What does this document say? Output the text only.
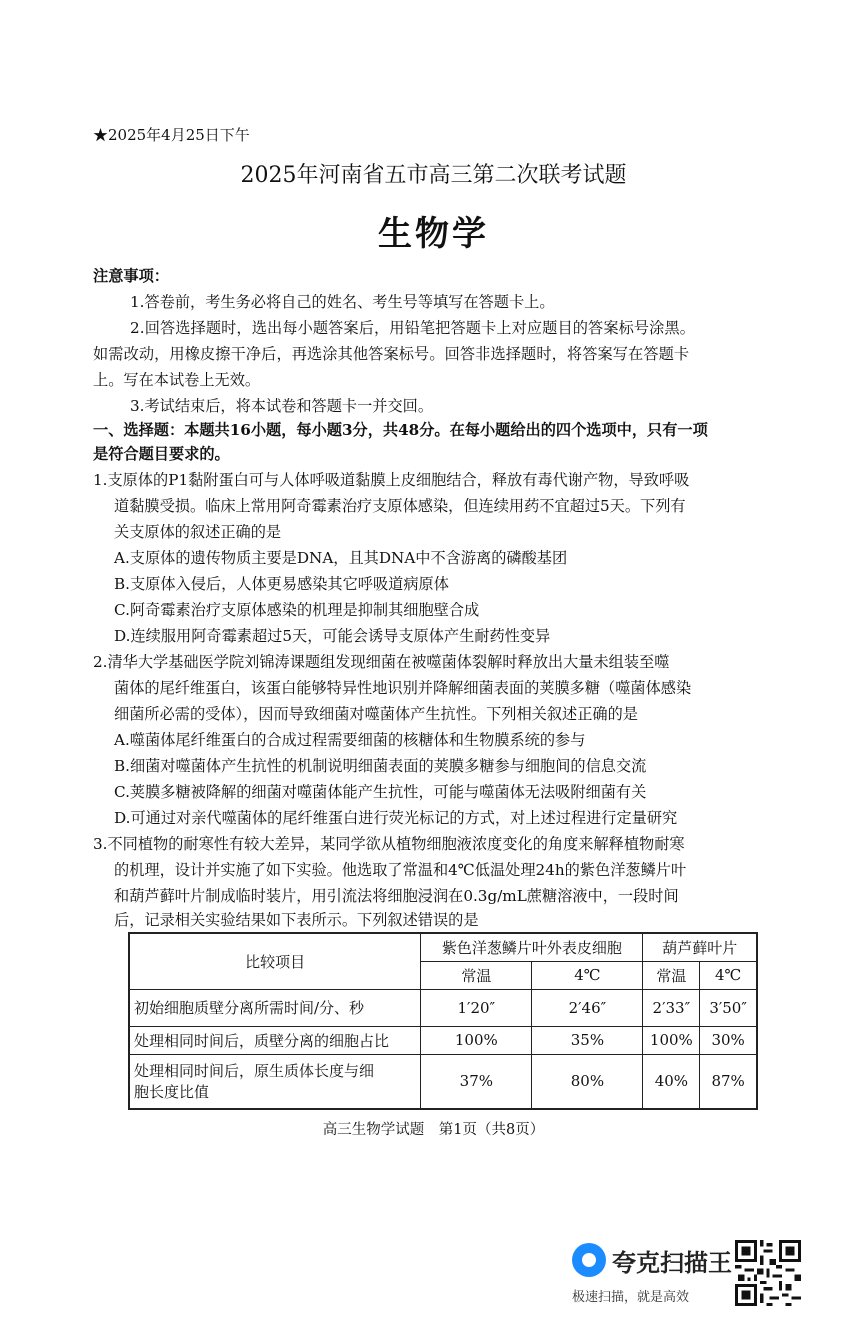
★2025年4月25日下午
2025年河南省五市高三第二次联考试题
生物学
注意事项：
1.答卷前，考生务必将自己的姓名、考生号等填写在答题卡上。
2.回答选择题时，选出每小题答案后，用铅笔把答题卡上对应题目的答案标号涂黑。
如需改动，用橡皮擦干净后，再选涂其他答案标号。回答非选择题时，将答案写在答题卡
上。写在本试卷上无效。
3.考试结束后，将本试卷和答题卡一并交回。
一、选择题：本题共16小题，每小题3分，共48分。在每小题给出的四个选项中，只有一项
是符合题目要求的。
1.支原体的P1黏附蛋白可与人体呼吸道黏膜上皮细胞结合，释放有毒代谢产物，导致呼吸
道黏膜受损。临床上常用阿奇霉素治疗支原体感染，但连续用药不宜超过5天。下列有
关支原体的叙述正确的是
A.支原体的遗传物质主要是DNA，且其DNA中不含游离的磷酸基团
B.支原体入侵后，人体更易感染其它呼吸道病原体
C.阿奇霉素治疗支原体感染的机理是抑制其细胞壁合成
D.连续服用阿奇霉素超过5天，可能会诱导支原体产生耐药性变异
2.清华大学基础医学院刘锦涛课题组发现细菌在被噬菌体裂解时释放出大量未组装至噬
菌体的尾纤维蛋白，该蛋白能够特异性地识别并降解细菌表面的荚膜多糖（噬菌体感染
细菌所必需的受体），因而导致细菌对噬菌体产生抗性。下列相关叙述正确的是
A.噬菌体尾纤维蛋白的合成过程需要细菌的核糖体和生物膜系统的参与
B.细菌对噬菌体产生抗性的机制说明细菌表面的荚膜多糖参与细胞间的信息交流
C.荚膜多糖被降解的细菌对噬菌体能产生抗性，可能与噬菌体无法吸附细菌有关
D.可通过对亲代噬菌体的尾纤维蛋白进行荧光标记的方式，对上述过程进行定量研究
3.不同植物的耐寒性有较大差异，某同学欲从植物细胞液浓度变化的角度来解释植物耐寒
的机理，设计并实施了如下实验。他选取了常温和4℃低温处理24h的紫色洋葱鳞片叶
和葫芦藓叶片制成临时装片，用引流法将细胞浸润在0.3g/mL蔗糖溶液中，一段时间
后，记录相关实验结果如下表所示。下列叙述错误的是
比较项目	紫色洋葱鳞片叶外表皮细胞		葫芦藓叶片	
	常温	4℃	常温	4℃
初始细胞质壁分离所需时间/分、秒	1′20″	2′46″	2′33″	3′50″
处理相同时间后，质壁分离的细胞占比	100%	35%	100%	30%

处理相同时间后，原生质体长度与细
胞长度比值	37%	80%	40%	87%
高三生物学试题　第1页（共8页）
夸克扫描王
极速扫描，就是高效
